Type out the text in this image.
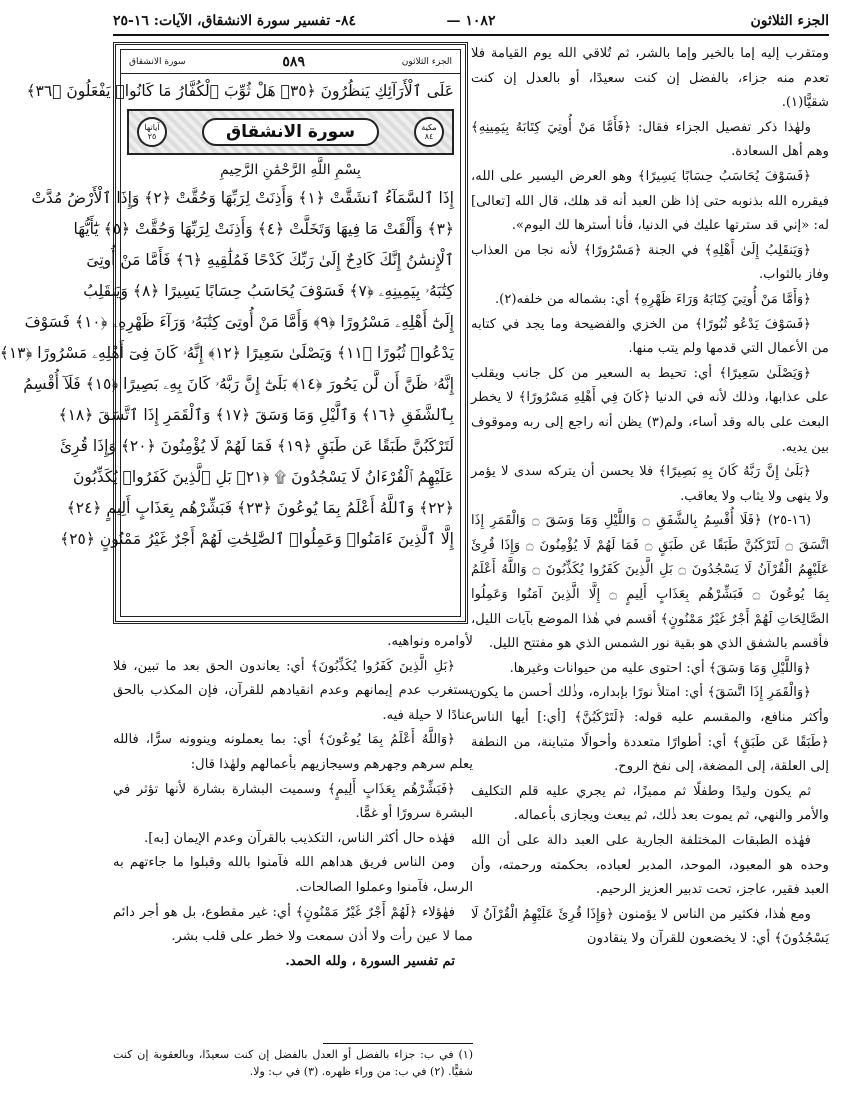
الجزء الثلاثون
١٠٨٢ —
٨٤- تفسير سورة الانشقاق، الآيات: ١٦-٢٥

ومتقرب إليه إما بالخير وإما بالشر، ثم تُلاقي الله يوم القيامة فلا تعدم منه جزاء، بالفضل إن كنت سعيدًا، أو بالعدل إن كنت شقيًّا(١).

ولهٰذا ذكر تفصيل الجزاء فقال: ﴿فَأَمَّا مَنْ أُوتِيَ كِتَابَهُ بِيَمِينِهِ﴾ وهم أهل السعادة.

﴿فَسَوْفَ يُحَاسَبُ حِسَابًا يَسِيرًا﴾ وهو العرض اليسير على الله، فيقرره الله بذنوبه حتى إذا ظن العبد أنه قد هلك، قال الله [تعالى] له: «إني قد سترتها عليك في الدنيا، فأنا أسترها لك اليوم».

﴿وَيَنقَلِبُ إِلَىٰ أَهْلِهِ﴾ في الجنة ﴿مَسْرُورًا﴾ لأنه نجا من العذاب وفاز بالثواب.

﴿وَأَمَّا مَنْ أُوتِيَ كِتَابَهُ وَرَاءَ ظَهْرِهِ﴾ أي: بشماله من خلفه(٢).

﴿فَسَوْفَ يَدْعُو ثُبُورًا﴾ من الخزي والفضيحة وما يجد في كتابه من الأعمال التي قدمها ولم يتب منها.

﴿وَيَصْلَىٰ سَعِيرًا﴾ أي: تحيط به السعير من كل جانب ويقلب على عذابها، وذلك لأنه في الدنيا ﴿كَانَ فِي أَهْلِهِ مَسْرُورًا﴾ لا يخطر البعث على باله وقد أساء، ولم(٣) يظن أنه راجع إلى ربه وموقوف بين يديه.

﴿بَلَىٰ إِنَّ رَبَّهُ كَانَ بِهِ بَصِيرًا﴾ فلا يحسن أن يتركه سدى لا يؤمر ولا ينهى ولا يثاب ولا يعاقب.

(١٦-٢٥) ﴿فَلَا أُقْسِمُ بِالشَّفَقِ ۝ وَاللَّيْلِ وَمَا وَسَقَ ۝ وَالْقَمَرِ إِذَا اتَّسَقَ ۝ لَتَرْكَبُنَّ طَبَقًا عَن طَبَقٍ ۝ فَمَا لَهُمْ لَا يُؤْمِنُونَ ۝ وَإِذَا قُرِئَ عَلَيْهِمُ الْقُرْآنُ لَا يَسْجُدُونَ ۝ بَلِ الَّذِينَ كَفَرُوا يُكَذِّبُونَ ۝ وَاللَّهُ أَعْلَمُ بِمَا يُوعُونَ ۝ فَبَشِّرْهُم بِعَذَابٍ أَلِيمٍ ۝ إِلَّا الَّذِينَ آمَنُوا وَعَمِلُوا الصَّالِحَاتِ لَهُمْ أَجْرٌ غَيْرُ مَمْنُونٍ﴾ أقسم في هٰذا الموضع بآيات الليل، فأقسم بالشفق الذي هو بقية نور الشمس الذي هو مفتتح الليل.

﴿وَاللَّيْلِ وَمَا وَسَقَ﴾ أي: احتوى عليه من حيوانات وغيرها.

﴿وَالْقَمَرِ إِذَا اتَّسَقَ﴾ أي: امتلأ نورًا بإبداره، وذٰلك أحسن ما يكون وأكثر منافع، والمقسم عليه قوله: ﴿لَتَرْكَبُنَّ﴾ [أي:] أيها الناس ﴿طَبَقًا عَن طَبَقٍ﴾ أي: أطوارًا متعددة وأحوالًا متباينة، من النطفة إلى العلقة، إلى المضغة، إلى نفخ الروح.

ثم يكون وليدًا وطفلًا ثم مميزًا، ثم يجري عليه قلم التكليف والأمر والنهي، ثم يموت بعد ذٰلك، ثم يبعث ويجازى بأعماله.

فهٰذه الطبقات المختلفة الجارية على العبد دالة على أن الله وحده هو المعبود، الموحد، المدبر لعباده، بحكمته ورحمته، وأن العبد فقير، عاجز، تحت تدبير العزيز الرحيم.

ومع هٰذا، فكثير من الناس لا يؤمنون ﴿وَإِذَا قُرِئَ عَلَيْهِمُ الْقُرْآنُ لَا يَسْجُدُونَ﴾ أي: لا يخضعون للقرآن ولا ينقادون

الجزء الثلاثون
٥٨٩
سورة الانشقاق
عَلَى ٱلْأَرَآئِكِ يَنظُرُونَ ﴿٣٥﴾ هَلْ ثُوِّبَ ٱلْكُفَّارُ مَا كَانُوا۟ يَفْعَلُونَ ﴿٣٦﴾
مكية ٨٤
سورة الانشقاق
آياتها ٢٥
بِسْمِ اللَّهِ الرَّحْمَٰنِ الرَّحِيمِ
إِذَا ٱلسَّمَآءُ ٱنشَقَّتْ ﴿١﴾ وَأَذِنَتْ لِرَبِّهَا وَحُقَّتْ ﴿٢﴾ وَإِذَا ٱلْأَرْضُ مُدَّتْ
﴿٣﴾ وَأَلْقَتْ مَا فِيهَا وَتَخَلَّتْ ﴿٤﴾ وَأَذِنَتْ لِرَبِّهَا وَحُقَّتْ ﴿٥﴾ يَٰٓأَيُّهَا
ٱلْإِنسَٰنُ إِنَّكَ كَادِحٌ إِلَىٰ رَبِّكَ كَدْحًا فَمُلَٰقِيهِ ﴿٦﴾ فَأَمَّا مَنْ أُوتِىَ
كِتَٰبَهُۥ بِيَمِينِهِۦ ﴿٧﴾ فَسَوْفَ يُحَاسَبُ حِسَابًا يَسِيرًا ﴿٨﴾ وَيَنقَلِبُ
إِلَىٰٓ أَهْلِهِۦ مَسْرُورًا ﴿٩﴾ وَأَمَّا مَنْ أُوتِىَ كِتَٰبَهُۥ وَرَآءَ ظَهْرِهِۦ ﴿١٠﴾ فَسَوْفَ
يَدْعُوا۟ ثُبُورًا ﴿١١﴾ وَيَصْلَىٰ سَعِيرًا ﴿١٢﴾ إِنَّهُۥ كَانَ فِىٓ أَهْلِهِۦ مَسْرُورًا ﴿١٣﴾
إِنَّهُۥ ظَنَّ أَن لَّن يَحُورَ ﴿١٤﴾ بَلَىٰٓ إِنَّ رَبَّهُۥ كَانَ بِهِۦ بَصِيرًا ﴿١٥﴾ فَلَآ أُقْسِمُ
بِٱلشَّفَقِ ﴿١٦﴾ وَٱلَّيْلِ وَمَا وَسَقَ ﴿١٧﴾ وَٱلْقَمَرِ إِذَا ٱتَّسَقَ ﴿١٨﴾
لَتَرْكَبُنَّ طَبَقًا عَن طَبَقٍ ﴿١٩﴾ فَمَا لَهُمْ لَا يُؤْمِنُونَ ﴿٢٠﴾ وَإِذَا قُرِئَ
عَلَيْهِمُ ٱلْقُرْءَانُ لَا يَسْجُدُونَ ۩ ﴿٢١﴾ بَلِ ٱلَّذِينَ كَفَرُوا۟ يُكَذِّبُونَ
﴿٢٢﴾ وَٱللَّهُ أَعْلَمُ بِمَا يُوعُونَ ﴿٢٣﴾ فَبَشِّرْهُم بِعَذَابٍ أَلِيمٍ ﴿٢٤﴾
إِلَّا ٱلَّذِينَ ءَامَنُوا۟ وَعَمِلُوا۟ ٱلصَّٰلِحَٰتِ لَهُمْ أَجْرٌ غَيْرُ مَمْنُونٍ ﴿٢٥﴾

لأوامره ونواهيه.

﴿بَلِ الَّذِينَ كَفَرُوا يُكَذِّبُونَ﴾ أي: يعاندون الحق بعد ما تبين، فلا يستغرب عدم إيمانهم وعدم انقيادهم للقرآن، فإن المكذب بالحق عنادًا لا حيلة فيه.

﴿وَاللَّهُ أَعْلَمُ بِمَا يُوعُونَ﴾ أي: بما يعملونه وينوونه سرًّا، فالله يعلم سرهم وجهرهم وسيجازيهم بأعمالهم ولهٰذا قال:

﴿فَبَشِّرْهُم بِعَذَابٍ أَلِيمٍ﴾ وسميت البشارة بشارة لأنها تؤثر في البشرة سرورًا أو غمًّا.

فهٰذه حال أكثر الناس، التكذيب بالقرآن وعدم الإيمان [به].

ومن الناس فريق هداهم الله فآمنوا بالله وقبلوا ما جاءتهم به الرسل، فآمنوا وعملوا الصالحات.

فهٰؤلاء ﴿لَهُمْ أَجْرٌ غَيْرُ مَمْنُونٍ﴾ أي: غير مقطوع، بل هو أجر دائم مما لا عين رأت ولا أذن سمعت ولا خطر على قلب بشر.

تم تفسير السورة ، ولله الحمد.

(١) في ب: جزاء بالفضل أو العدل بالفضل إن كنت سعيدًا، وبالعقوبة إن كنت شقيًّا. (٢) في ب: من وراء ظهره. (٣) في ب: ولا.
